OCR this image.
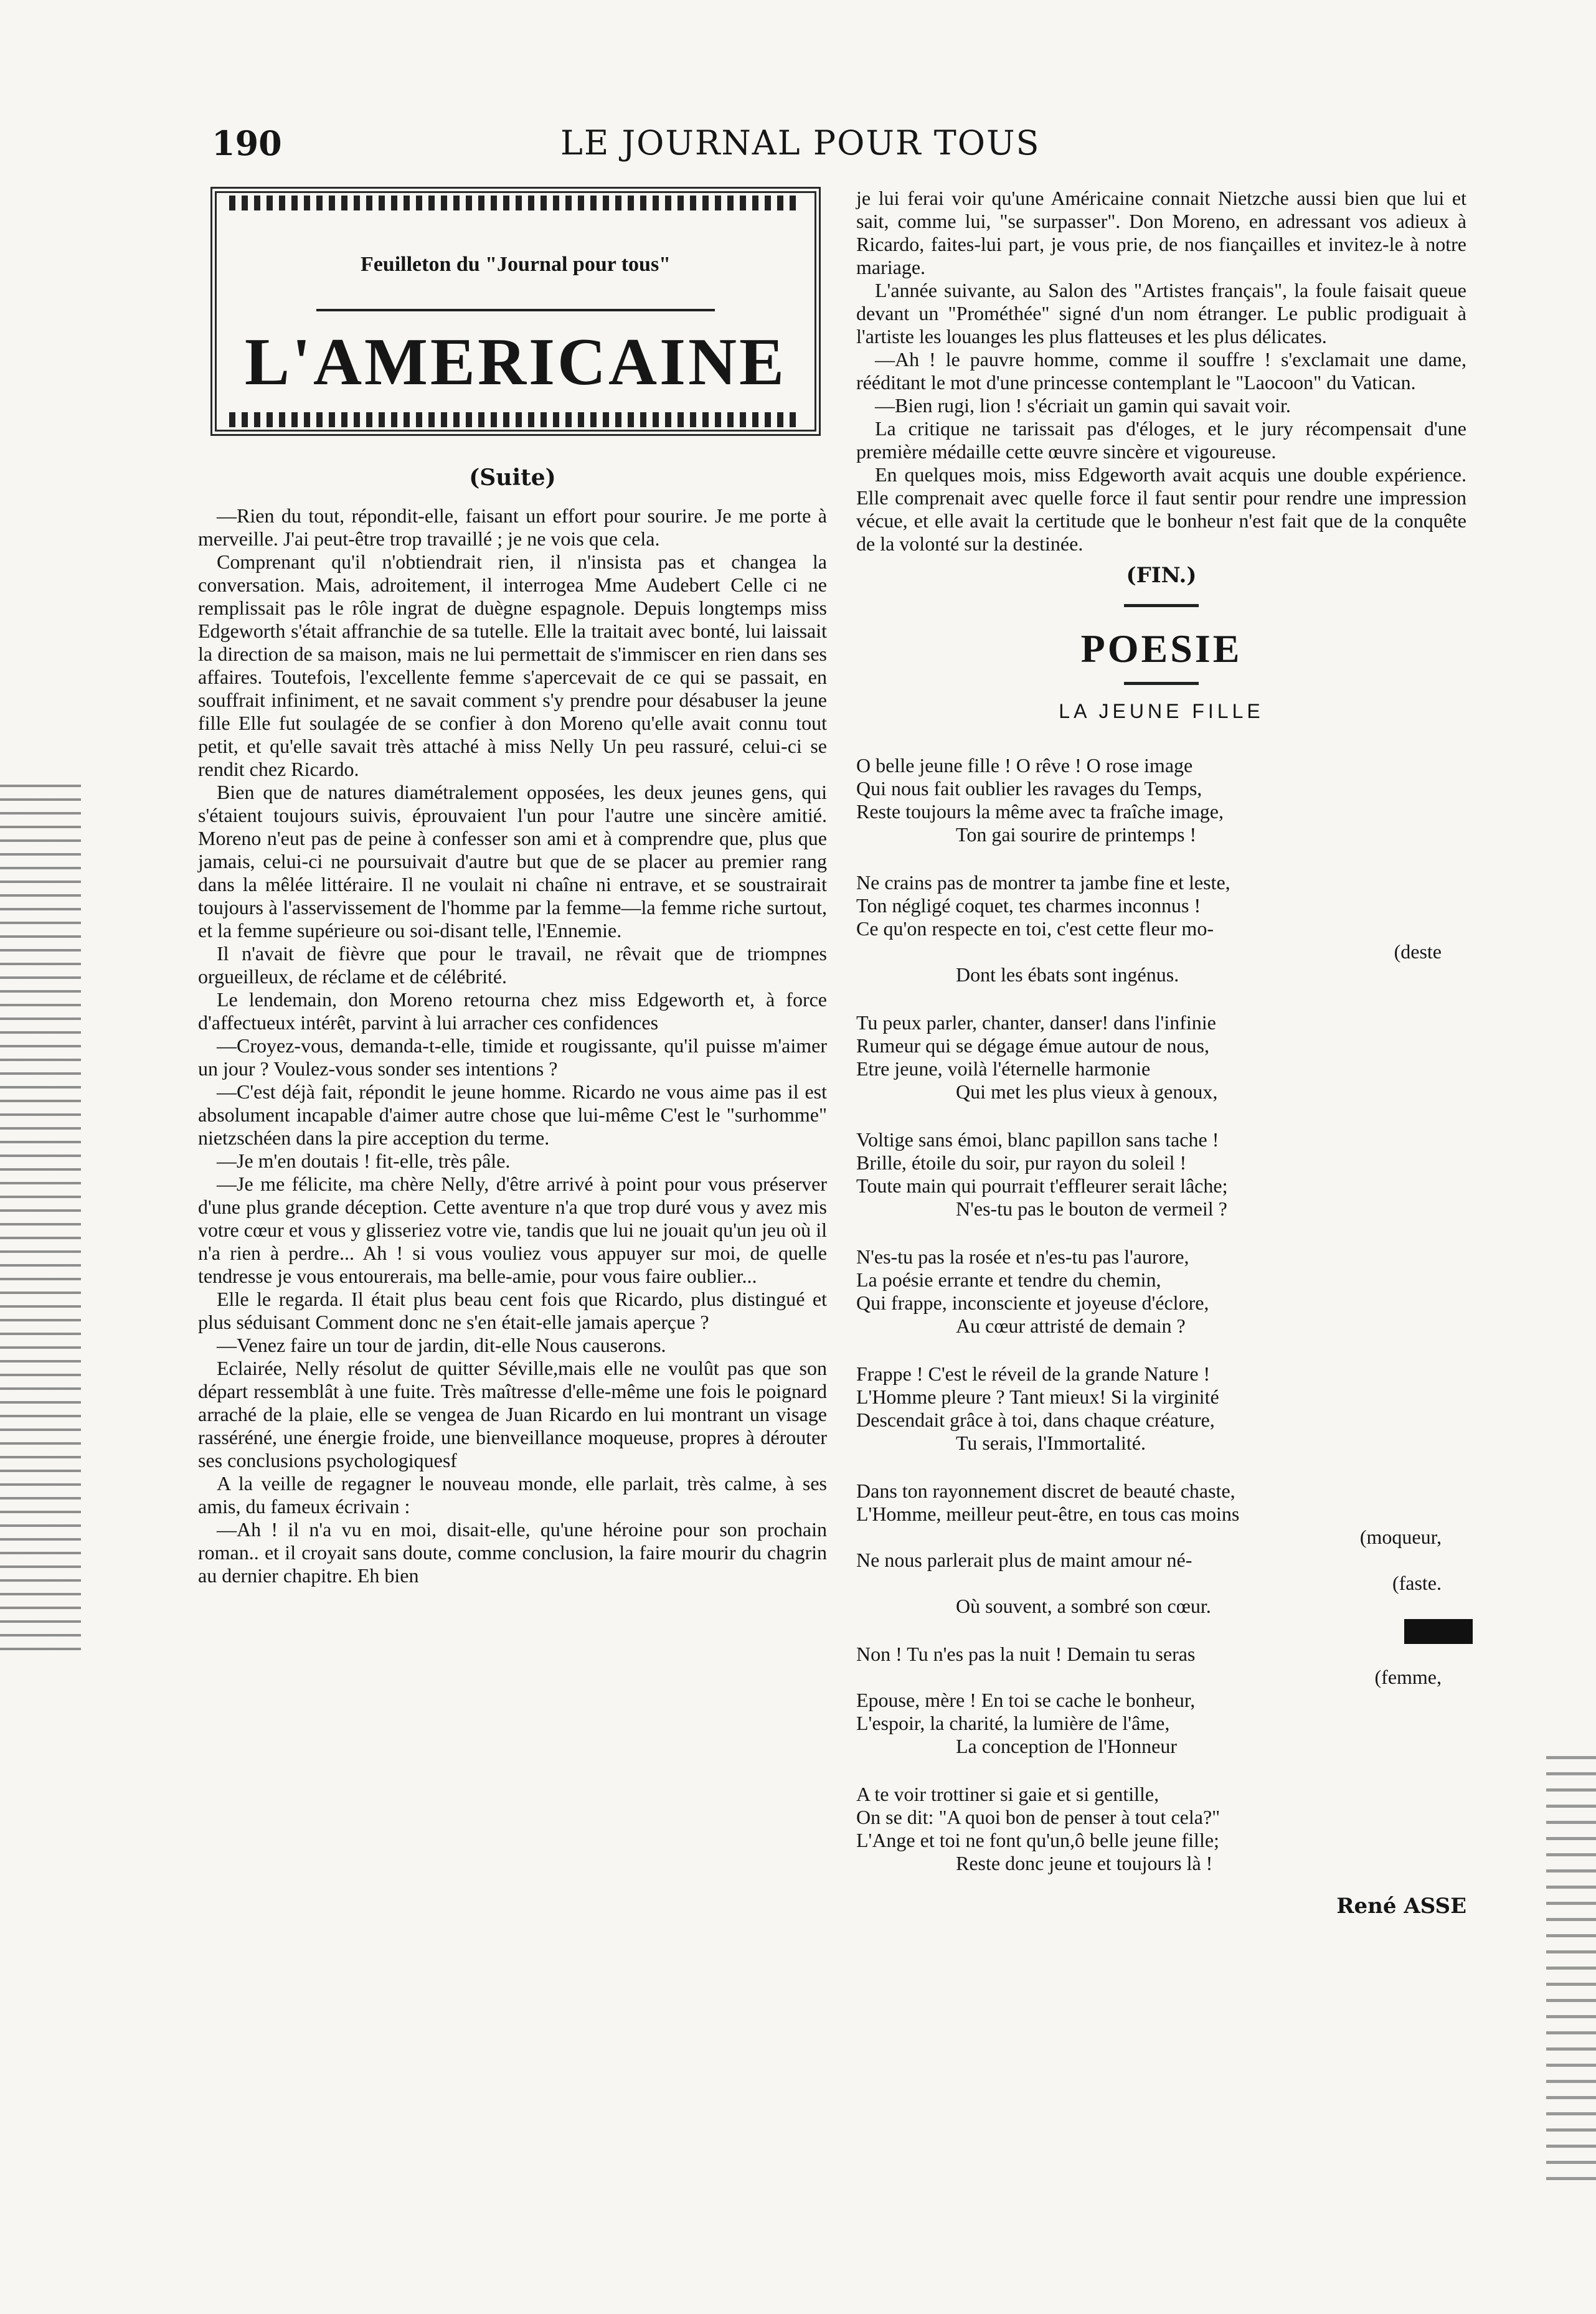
190	LE JOURNAL POUR TOUS
Feuilleton du "Journal pour tous"
L'AMERICAINE
(Suite)

—Rien du tout, répondit-elle, faisant un effort pour sourire. Je me porte à merveille. J'ai peut-être trop travaillé ; je ne vois que cela.

Comprenant qu'il n'obtiendrait rien, il n'insista pas et changea la conversation. Mais, adroitement, il interrogea Mme Audebert Celle ci ne remplissait pas le rôle ingrat de duègne espagnole. Depuis longtemps miss Edgeworth s'était affranchie de sa tutelle. Elle la traitait avec bonté, lui laissait la direction de sa maison, mais ne lui permettait de s'immiscer en rien dans ses affaires. Toutefois, l'excellente femme s'apercevait de ce qui se passait, en souffrait infiniment, et ne savait comment s'y prendre pour désabuser la jeune fille Elle fut soulagée de se confier à don Moreno qu'elle avait connu tout petit, et qu'elle savait très attaché à miss Nelly Un peu rassuré, celui-ci se rendit chez Ricardo.

Bien que de natures diamétralement opposées, les deux jeunes gens, qui s'étaient toujours suivis, éprouvaient l'un pour l'autre une sincère amitié. Moreno n'eut pas de peine à confesser son ami et à comprendre que, plus que jamais, celui-ci ne poursuivait d'autre but que de se placer au premier rang dans la mêlée littéraire. Il ne voulait ni chaîne ni entrave, et se soustrairait toujours à l'asservissement de l'homme par la femme—la femme riche surtout, et la femme supérieure ou soi-disant telle, l'Ennemie.

Il n'avait de fièvre que pour le travail, ne rêvait que de triompnes orgueilleux, de réclame et de célébrité.

Le lendemain, don Moreno retourna chez miss Edgeworth et, à force d'affectueux intérêt, parvint à lui arracher ces confidences

—Croyez-vous, demanda-t-elle, timide et rougissante, qu'il puisse m'aimer un jour ? Voulez-vous sonder ses intentions ?

—C'est déjà fait, répondit le jeune homme. Ricardo ne vous aime pas il est absolument incapable d'aimer autre chose que lui-même C'est le "surhomme" nietzschéen dans la pire acception du terme.

—Je m'en doutais ! fit-elle, très pâle.

—Je me félicite, ma chère Nelly, d'être arrivé à point pour vous préserver d'une plus grande déception. Cette aventure n'a que trop duré vous y avez mis votre cœur et vous y glisseriez votre vie, tandis que lui ne jouait qu'un jeu où il n'a rien à perdre... Ah ! si vous vouliez vous appuyer sur moi, de quelle tendresse je vous entourerais, ma belle-amie, pour vous faire oublier...

Elle le regarda. Il était plus beau cent fois que Ricardo, plus distingué et plus séduisant Comment donc ne s'en était-elle jamais aperçue ?

—Venez faire un tour de jardin, dit-elle Nous causerons.

Eclairée, Nelly résolut de quitter Séville,mais elle ne voulût pas que son départ ressemblât à une fuite. Très maîtresse d'elle-même une fois le poignard arraché de la plaie, elle se vengea de Juan Ricardo en lui montrant un visage rasséréné, une énergie froide, une bienveillance moqueuse, propres à dérouter ses conclusions psychologiquesf

A la veille de regagner le nouveau monde, elle parlait, très calme, à ses amis, du fameux écrivain :

—Ah ! il n'a vu en moi, disait-elle, qu'une héroine pour son prochain roman.. et il croyait sans doute, comme conclusion, la faire mourir du chagrin au dernier chapitre. Eh bien

je lui ferai voir qu'une Américaine connait Nietzche aussi bien que lui et sait, comme lui, "se surpasser". Don Moreno, en adressant vos adieux à Ricardo, faites-lui part, je vous prie, de nos fiançailles et invitez-le à notre mariage.

L'année suivante, au Salon des "Artistes français", la foule faisait queue devant un "Prométhée" signé d'un nom étranger. Le public prodiguait à l'artiste les louanges les plus flatteuses et les plus délicates.

—Ah ! le pauvre homme, comme il souffre ! s'exclamait une dame, rééditant le mot d'une princesse contemplant le "Laocoon" du Vatican.

—Bien rugi, lion ! s'écriait un gamin qui savait voir.

La critique ne tarissait pas d'éloges, et le jury récompensait d'une première médaille cette œuvre sincère et vigoureuse.

En quelques mois, miss Edgeworth avait acquis une double expérience. Elle comprenait avec quelle force il faut sentir pour rendre une impression vécue, et elle avait la certitude que le bonheur n'est fait que de la conquête de la volonté sur la destinée.

(FIN.)
POESIE
LA JEUNE FILLE
O belle jeune fille ! O rêve ! O rose image
Qui nous fait oublier les ravages du Temps,
Reste toujours la même avec ta fraîche image,
Ton gai sourire de printemps !
Ne crains pas de montrer ta jambe fine et leste,
Ton négligé coquet, tes charmes inconnus !
Ce qu'on respecte en toi, c'est cette fleur mo-
(deste
Dont les ébats sont ingénus.
Tu peux parler, chanter, danser! dans l'infinie
Rumeur qui se dégage émue autour de nous,
Etre jeune, voilà l'éternelle harmonie
Qui met les plus vieux à genoux,
Voltige sans émoi, blanc papillon sans tache !
Brille, étoile du soir, pur rayon du soleil !
Toute main qui pourrait t'effleurer serait lâche;
N'es-tu pas le bouton de vermeil ?
N'es-tu pas la rosée et n'es-tu pas l'aurore,
La poésie errante et tendre du chemin,
Qui frappe, inconsciente et joyeuse d'éclore,
Au cœur attristé de demain ?
Frappe ! C'est le réveil de la grande Nature !
L'Homme pleure ? Tant mieux! Si la virginité
Descendait grâce à toi, dans chaque créature,
Tu serais, l'Immortalité.
Dans ton rayonnement discret de beauté chaste,
L'Homme, meilleur peut-être, en tous cas moins
(moqueur,
Ne nous parlerait plus de maint amour né-
(faste.
Où souvent, a sombré son cœur.
Non ! Tu n'es pas la nuit ! Demain tu seras
(femme,
Epouse, mère ! En toi se cache le bonheur,
L'espoir, la charité, la lumière de l'âme,
La conception de l'Honneur
A te voir trottiner si gaie et si gentille,
On se dit: "A quoi bon de penser à tout cela?"
L'Ange et toi ne font qu'un,ô belle jeune fille;
Reste donc jeune et toujours là !
René ASSE
